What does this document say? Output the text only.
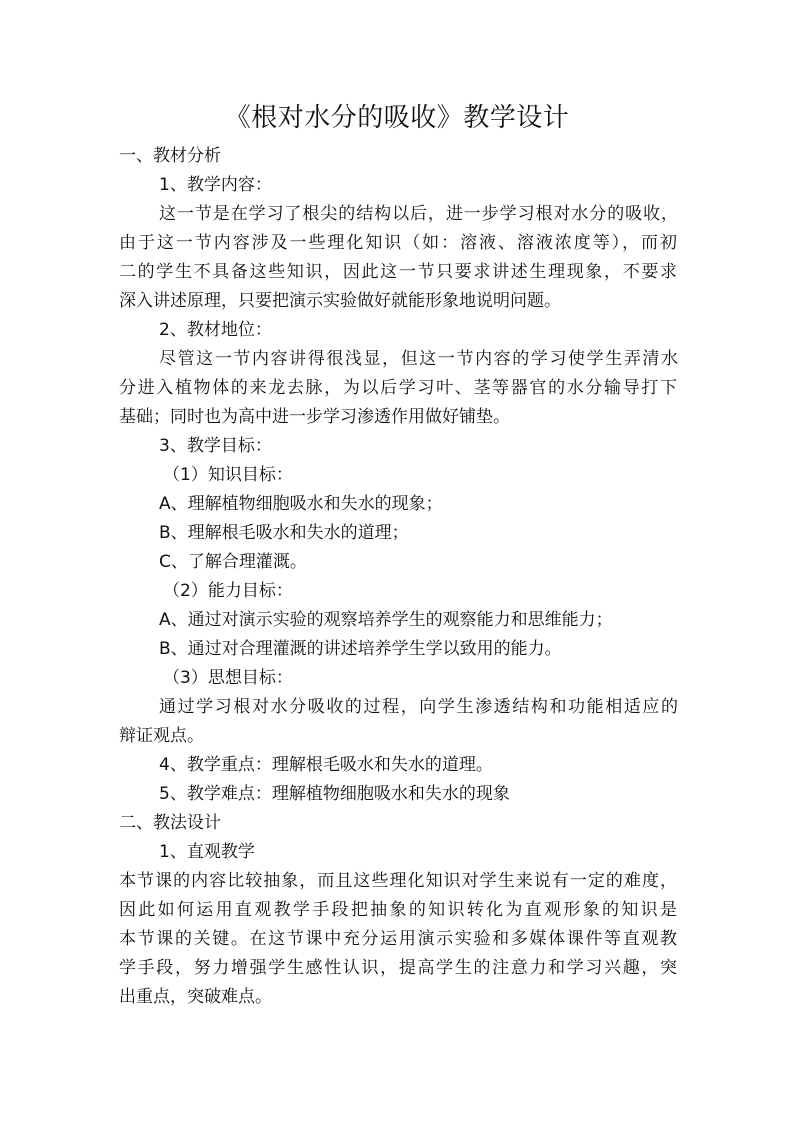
《根对水分的吸收》教学设计
一、教材分析
1、教学内容：
这一节是在学习了根尖的结构以后，进一步学习根对水分的吸收，
由于这一节内容涉及一些理化知识（如：溶液、溶液浓度等），而初
二的学生不具备这些知识，因此这一节只要求讲述生理现象，不要求
深入讲述原理，只要把演示实验做好就能形象地说明问题。
2、教材地位：
尽管这一节内容讲得很浅显，但这一节内容的学习使学生弄清水
分进入植物体的来龙去脉，为以后学习叶、茎等器官的水分输导打下
基础；同时也为高中进一步学习渗透作用做好铺垫。
3、教学目标：
（1）知识目标：
A、理解植物细胞吸水和失水的现象；
B、理解根毛吸水和失水的道理；
C、了解合理灌溉。
（2）能力目标：
A、通过对演示实验的观察培养学生的观察能力和思维能力；
B、通过对合理灌溉的讲述培养学生学以致用的能力。
（3）思想目标：
通过学习根对水分吸收的过程，向学生渗透结构和功能相适应的
辩证观点。
4、教学重点：理解根毛吸水和失水的道理。
5、教学难点：理解植物细胞吸水和失水的现象
二、教法设计
1、直观教学
本节课的内容比较抽象，而且这些理化知识对学生来说有一定的难度，
因此如何运用直观教学手段把抽象的知识转化为直观形象的知识是
本节课的关键。在这节课中充分运用演示实验和多媒体课件等直观教
学手段，努力增强学生感性认识，提高学生的注意力和学习兴趣，突
出重点，突破难点。
